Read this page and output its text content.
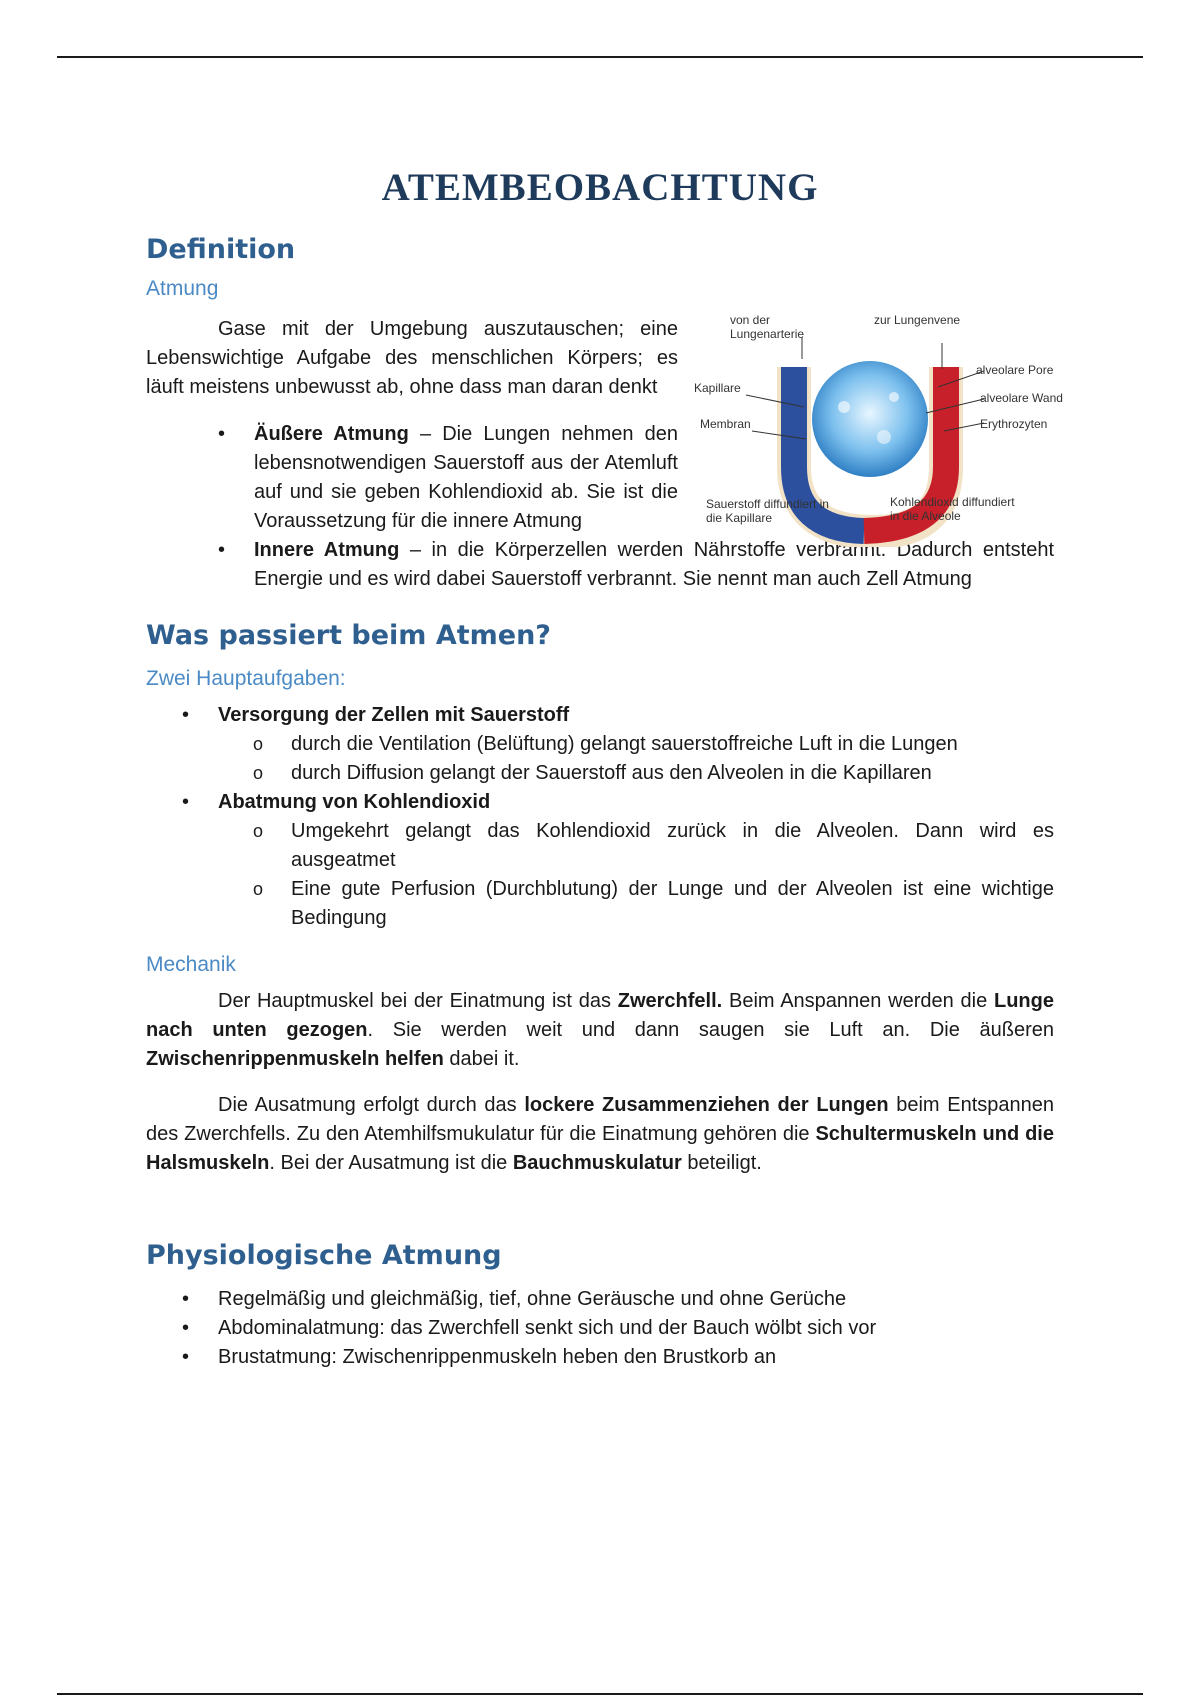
ATEMBEOBACHTUNG
Definition
Atmung

Gase mit der Umgebung auszutauschen; eine Lebenswichtige Aufgabe des menschlichen Körpers; es läuft meistens unbewusst ab, ohne dass man daran denkt

• Äußere Atmung – Die Lungen nehmen den lebensnotwendigen Sauerstoff aus der Atemluft auf und sie geben Kohlendioxid ab. Sie ist die Voraussetzung für die innere Atmung
• Innere Atmung – in die Körperzellen werden Nährstoffe verbrannt. Dadurch entsteht Energie und es wird dabei Sauerstoff verbrannt. Sie nennt man auch Zell Atmung
von der
Lungenarterie
zur Lungenvene
alveolare Pore
alveolare Wand
Erythrozyten
Kapillare
Membran
Sauerstoff diffundiert in
die Kapillare
Kohlendioxid diffundiert
in die Alveole
Was passiert beim Atmen?
Zwei Hauptaufgaben:
• Versorgung der Zellen mit Sauerstoff
o durch die Ventilation (Belüftung) gelangt sauerstoffreiche Luft in die Lungen
o durch Diffusion gelangt der Sauerstoff aus den Alveolen in die Kapillaren
• Abatmung von Kohlendioxid
o Umgekehrt gelangt das Kohlendioxid zurück in die Alveolen. Dann wird es ausgeatmet
o Eine gute Perfusion (Durchblutung) der Lunge und der Alveolen ist eine wichtige Bedingung
Mechanik

Der Hauptmuskel bei der Einatmung ist das Zwerchfell. Beim Anspannen werden die Lunge nach unten gezogen. Sie werden weit und dann saugen sie Luft an. Die äußeren Zwischenrippenmuskeln helfen dabei it.

Die Ausatmung erfolgt durch das lockere Zusammenziehen der Lungen beim Entspannen des Zwerchfells. Zu den Atemhilfsmukulatur für die Einatmung gehören die Schultermuskeln und die Halsmuskeln. Bei der Ausatmung ist die Bauchmuskulatur beteiligt.

Physiologische Atmung
• Regelmäßig und gleichmäßig, tief, ohne Geräusche und ohne Gerüche
• Abdominalatmung: das Zwerchfell senkt sich und der Bauch wölbt sich vor
• Brustatmung: Zwischenrippenmuskeln heben den Brustkorb an
